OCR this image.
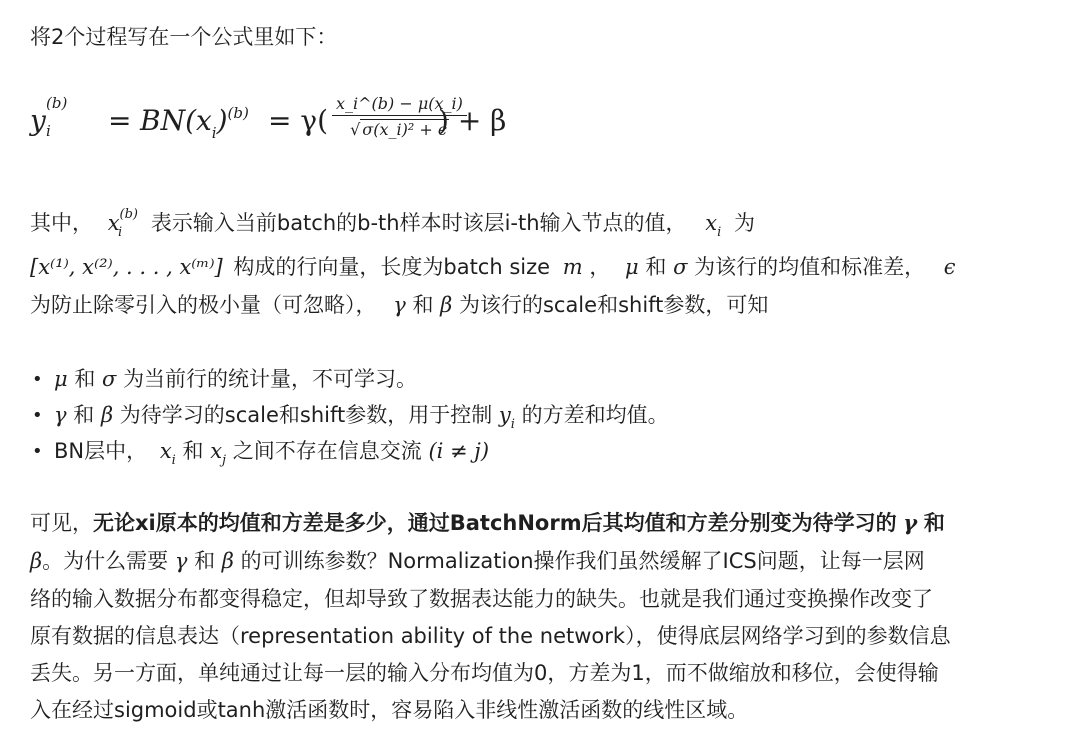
将2个过程写在一个公式里如下：
y
(b)
$i = BN(x_i)^{(b)} = \gamma( \frac{x\_i\^{}(b) - \mu(x\_i)}{\text{√ σ(x\_i)² + ϵ}}$
) + β
其中， $x^{(b)}_i$ 表示输入当前batch的b-th样本时该层i-th输入节点的值， $x_i$ 为
[x⁽¹⁾, x⁽²⁾, . . . , x⁽ᵐ⁾] 构成的行向量，长度为batch size m ， μ 和 σ 为该行的均值和标准差， ϵ
为防止除零引入的极小量（可忽略）， γ 和 β 为该行的scale和shift参数，可知
• μ 和 σ 为当前行的统计量，不可学习。
• γ 和 β 为待学习的scale和shift参数，用于控制 $y_i$ 的方差和均值。
• BN层中， $x_i$ 和 $x_j$ 之间不存在信息交流 (i ≠ j)
可见，无论xi原本的均值和方差是多少，通过BatchNorm后其均值和方差分别变为待学习的 γ 和
β。为什么需要 γ 和 β 的可训练参数？Normalization操作我们虽然缓解了ICS问题，让每一层网
络的输入数据分布都变得稳定，但却导致了数据表达能力的缺失。也就是我们通过变换操作改变了
原有数据的信息表达（representation ability of the network），使得底层网络学习到的参数信息
丢失。另一方面，单纯通过让每一层的输入分布均值为0，方差为1，而不做缩放和移位，会使得输
入在经过sigmoid或tanh激活函数时，容易陷入非线性激活函数的线性区域。
